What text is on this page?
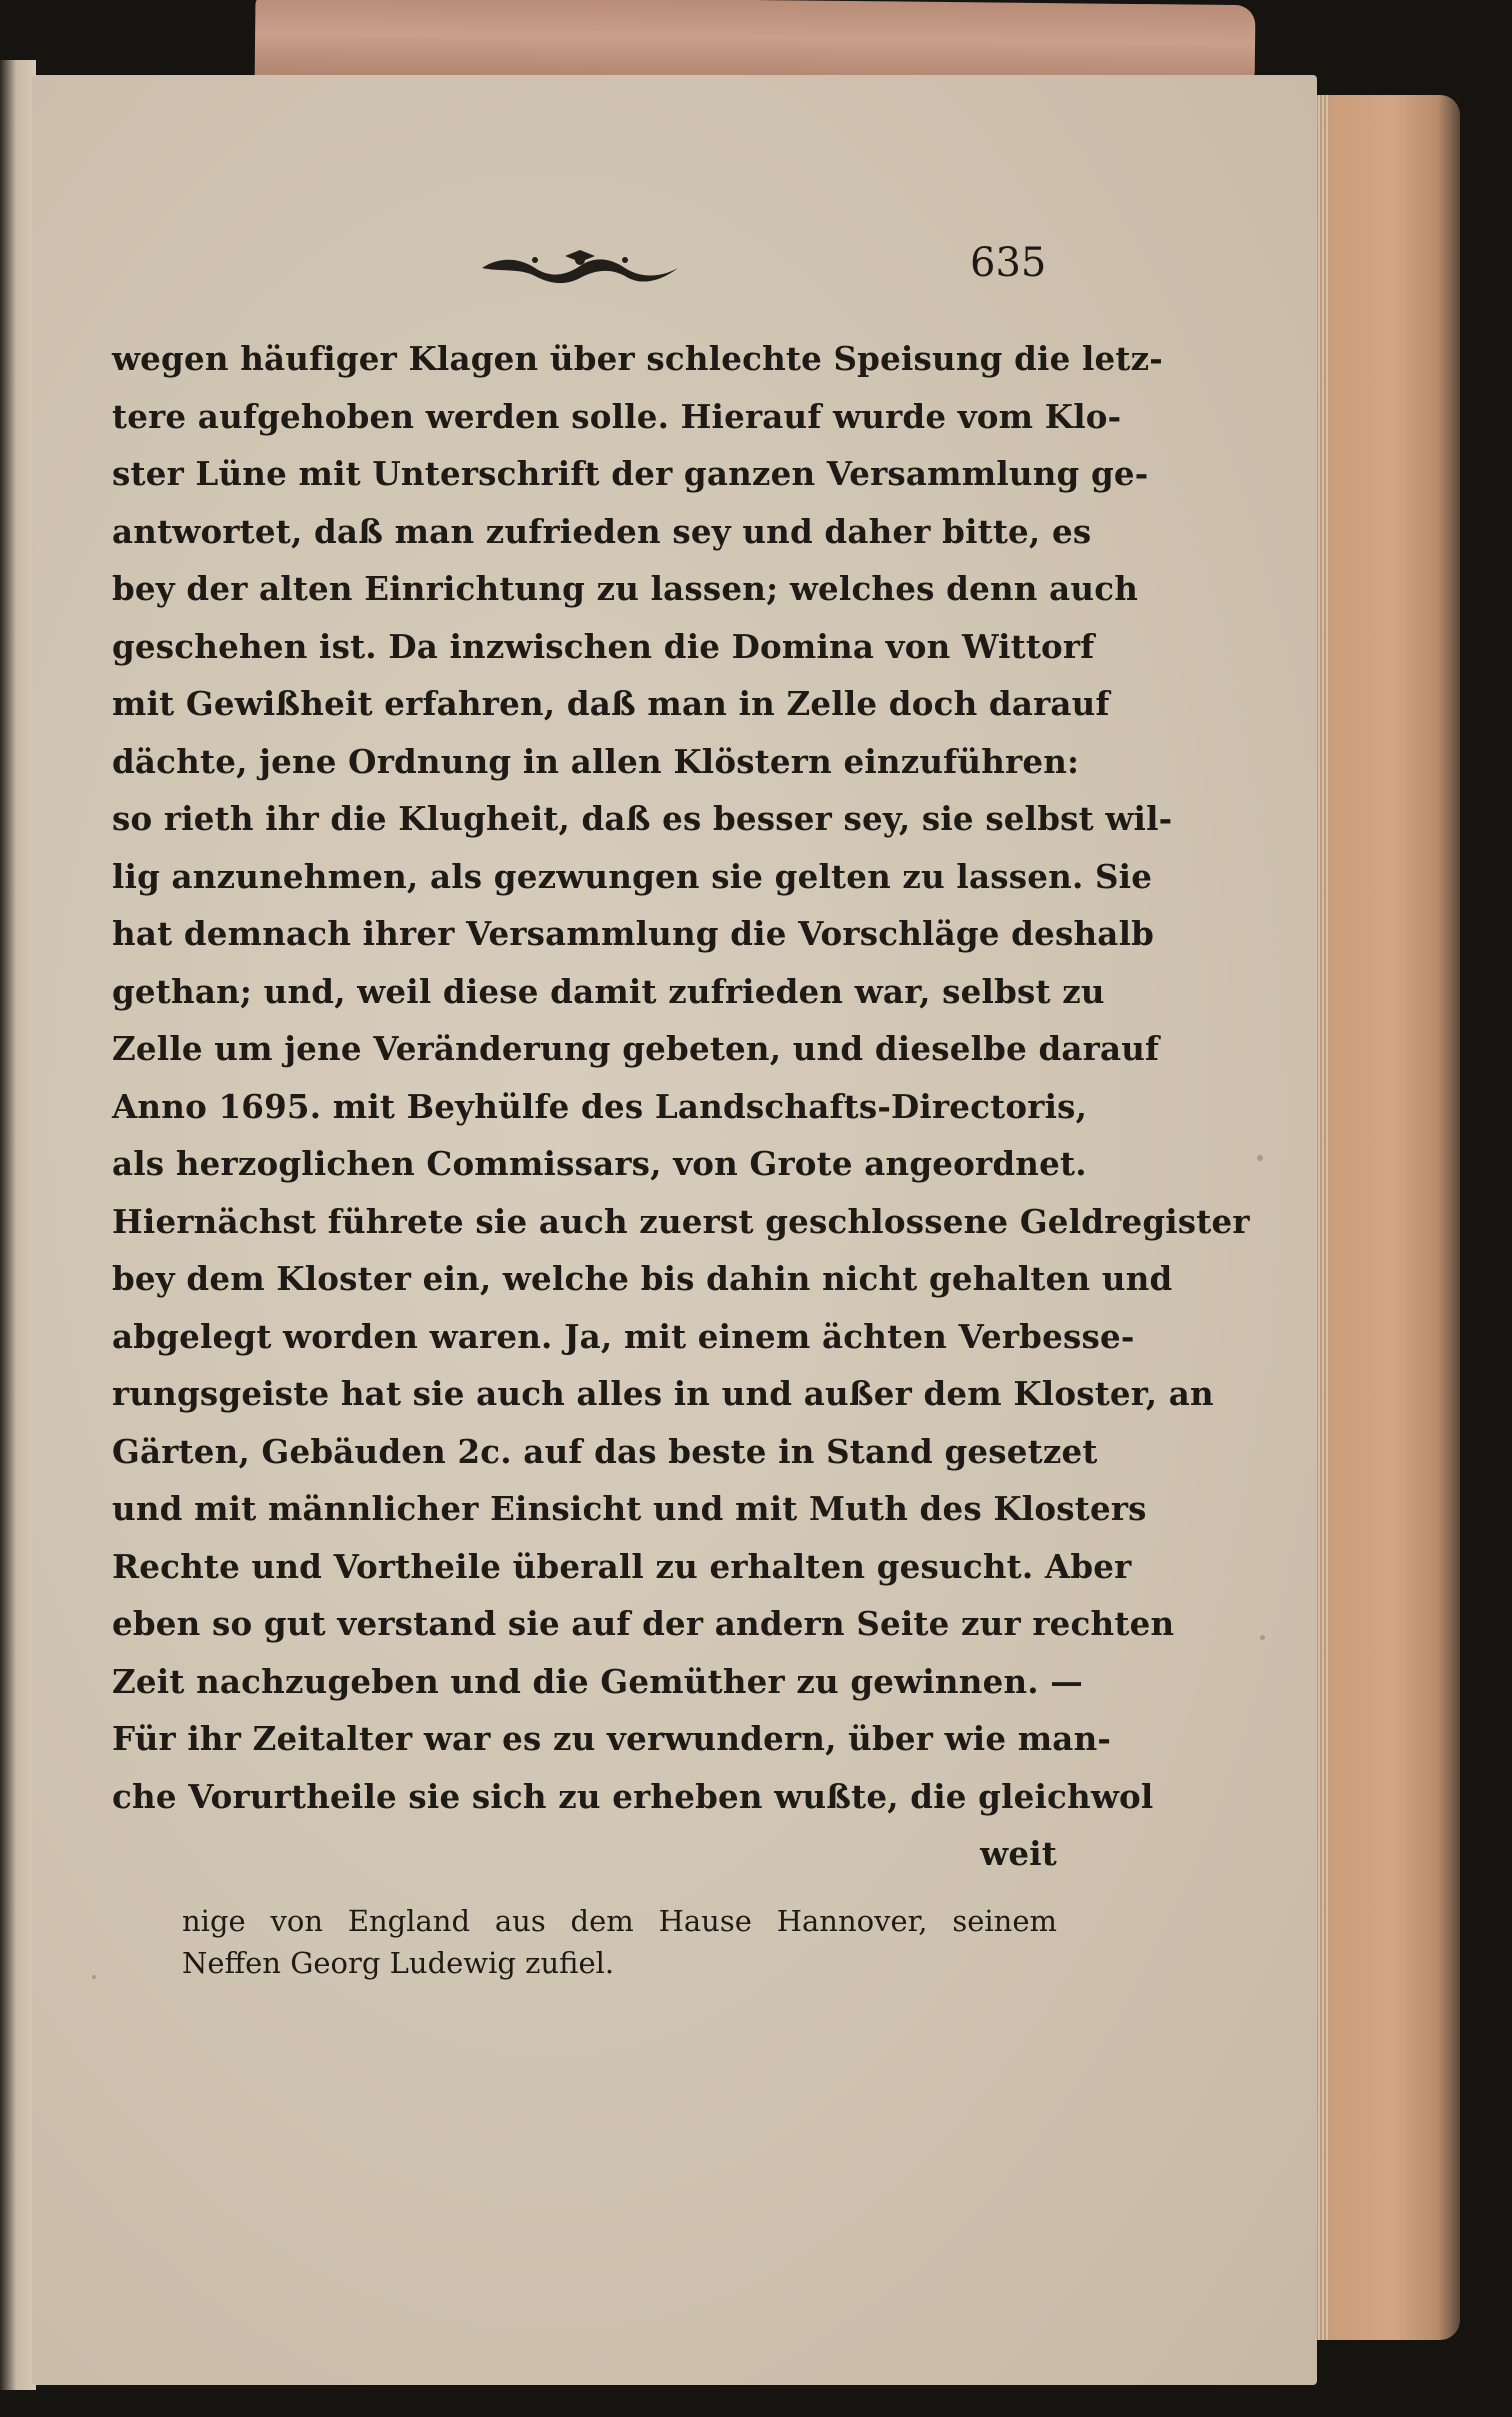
635
wegen häufiger Klagen über schlechte Speisung die letz-
tere aufgehoben werden solle. Hierauf wurde vom Klo-
ster Lüne mit Unterschrift der ganzen Versammlung ge-
antwortet, daß man zufrieden sey und daher bitte, es
bey der alten Einrichtung zu lassen; welches denn auch
geschehen ist. Da inzwischen die Domina von Wittorf
mit Gewißheit erfahren, daß man in Zelle doch darauf
dächte, jene Ordnung in allen Klöstern einzuführen:
so rieth ihr die Klugheit, daß es besser sey, sie selbst wil-
lig anzunehmen, als gezwungen sie gelten zu lassen. Sie
hat demnach ihrer Versammlung die Vorschläge deshalb
gethan; und, weil diese damit zufrieden war, selbst zu
Zelle um jene Veränderung gebeten, und dieselbe darauf
Anno 1695. mit Beyhülfe des Landschafts-Directoris,
als herzoglichen Commissars, von Grote angeordnet.
Hiernächst führete sie auch zuerst geschlossene Geldregister
bey dem Kloster ein, welche bis dahin nicht gehalten und
abgelegt worden waren. Ja, mit einem ächten Verbesse-
rungsgeiste hat sie auch alles in und außer dem Kloster, an
Gärten, Gebäuden 2c. auf das beste in Stand gesetzet
und mit männlicher Einsicht und mit Muth des Klosters
Rechte und Vortheile überall zu erhalten gesucht. Aber
eben so gut verstand sie auf der andern Seite zur rechten
Zeit nachzugeben und die Gemüther zu gewinnen. —
Für ihr Zeitalter war es zu verwundern, über wie man-
che Vorurtheile sie sich zu erheben wußte, die gleichwol
weit
nige von England aus dem Hause Hannover, seinem
Neffen Georg Ludewig zufiel.
